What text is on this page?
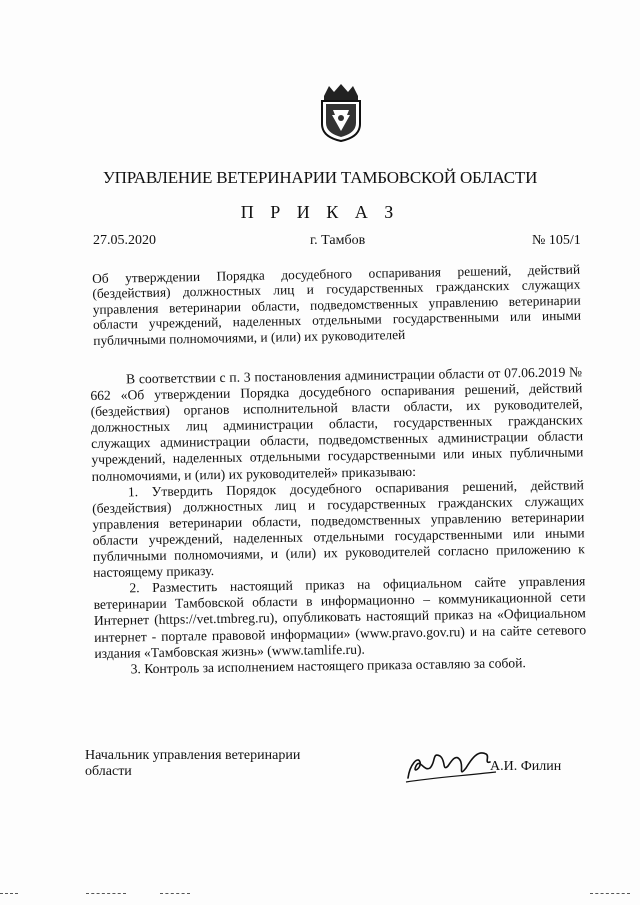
УПРАВЛЕНИЕ ВЕТЕРИНАРИИ ТАМБОВСКОЙ ОБЛАСТИ
П Р И К А З
27.05.2020	г. Тамбов	№ 105/1
Об утверждении Порядка досудебного оспаривания решений, действий (бездействия) должностных лиц и государственных гражданских служащих управления ветеринарии области, подведомственных управлению ветеринарии области учреждений, наделенных отдельными государственными или иными публичными полномочиями, и (или) их руководителей

В соответствии с п. 3 постановления администрации области от 07.06.2019 № 662 «Об утверждении Порядка досудебного оспаривания решений, действий (бездействия) органов исполнительной власти области, их руководителей, должностных лиц администрации области, государственных гражданских служащих администрации области, подведомственных администрации области учреждений, наделенных отдельными государственными или иных публичными полномочиями, и (или) их руководителей» приказываю:

1. Утвердить Порядок досудебного оспаривания решений, действий (бездействия) должностных лиц и государственных гражданских служащих управления ветеринарии области, подведомственных управлению ветеринарии области учреждений, наделенных отдельными государственными или иными публичными полномочиями, и (или) их руководителей согласно приложению к настоящему приказу.

2. Разместить настоящий приказ на официальном сайте управления ветеринарии Тамбовской области в информационно – коммуникационной сети Интернет (https://vet.tmbreg.ru), опубликовать настоящий приказ на «Официальном интернет - портале правовой информации» (www.pravo.gov.ru) и на сайте сетевого издания «Тамбовская жизнь» (www.tamlife.ru).

3. Контроль за исполнением настоящего приказа оставляю за собой.

Начальник управления ветеринарии области	А.И. Филин
